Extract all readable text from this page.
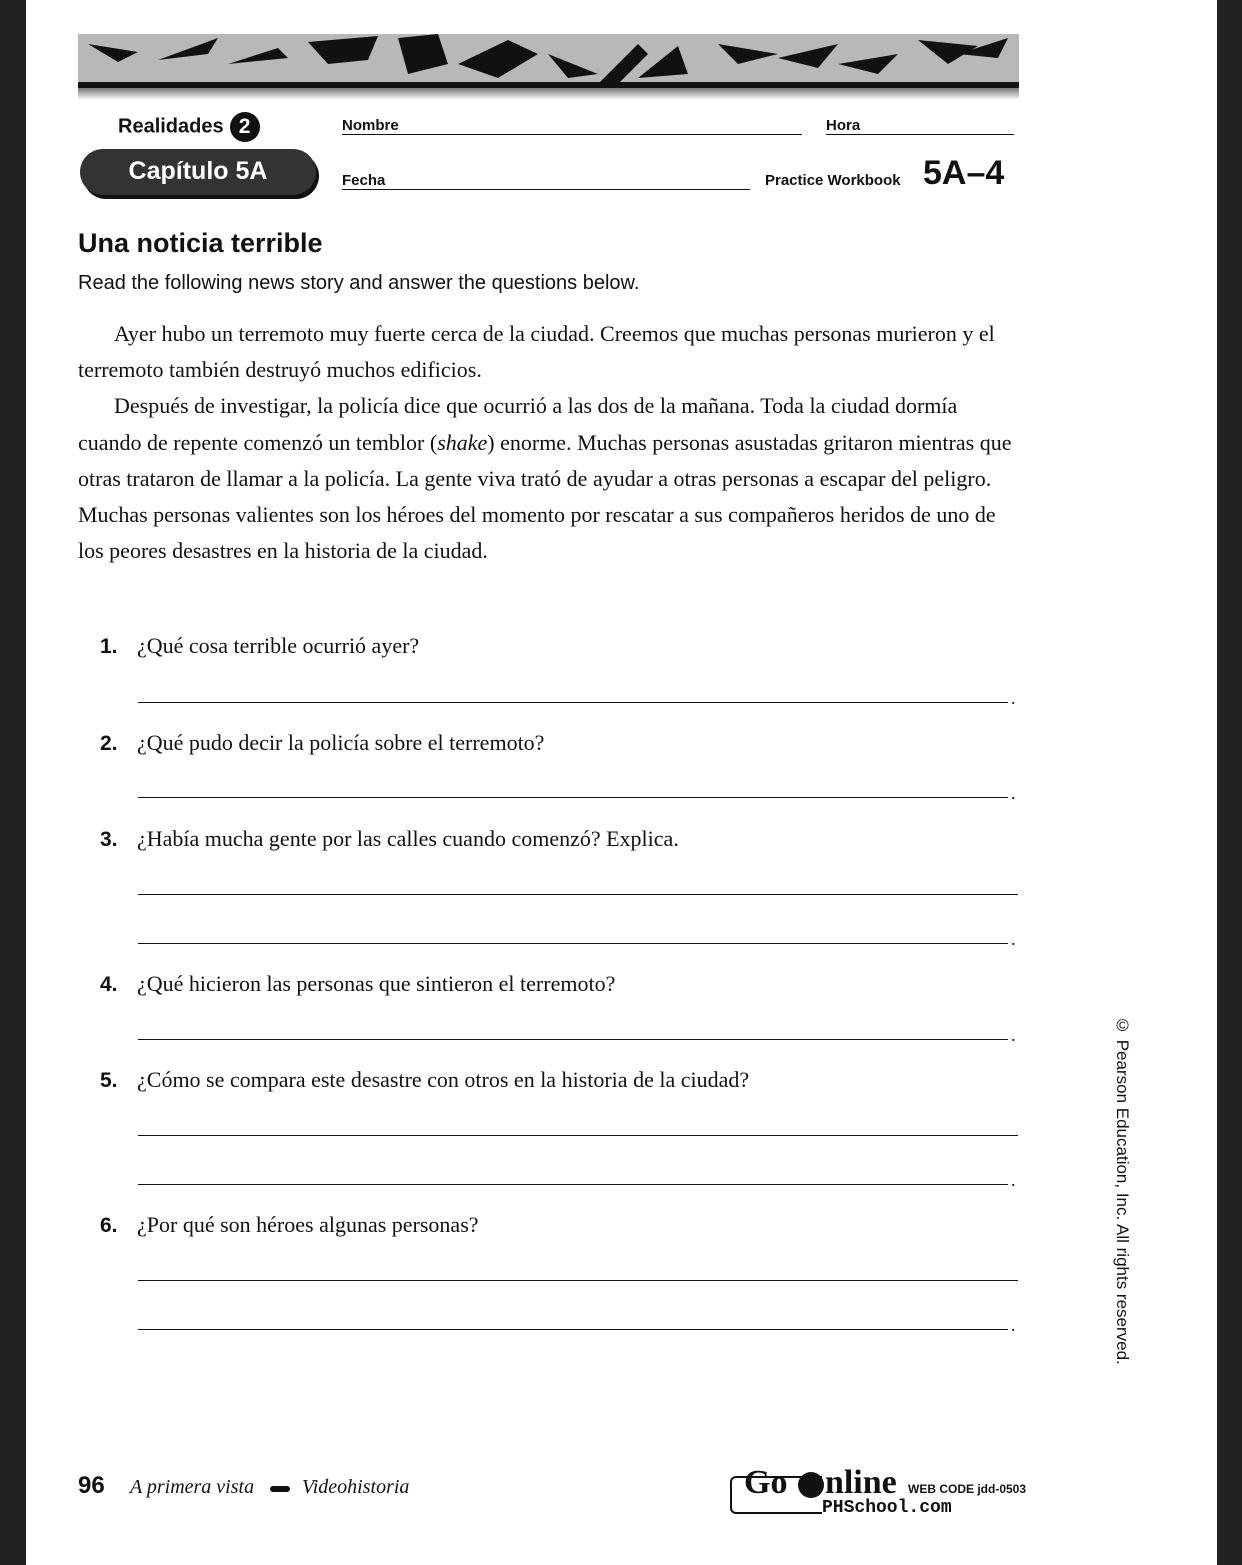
Realidades 2
Capítulo 5A
Nombre	Hora
Fecha	Practice Workbook 5A–4
Una noticia terrible
Read the following news story and answer the questions below.

Ayer hubo un terremoto muy fuerte cerca de la ciudad. Creemos que muchas personas murieron y el terremoto también destruyó muchos edificios.

Después de investigar, la policía dice que ocurrió a las dos de la mañana. Toda la ciudad dormía cuando de repente comenzó un temblor (shake) enorme. Muchas personas asustadas gritaron mientras que otras trataron de llamar a la policía. La gente viva trató de ayudar a otras personas a escapar del peligro. Muchas personas valientes son los héroes del momento por rescatar a sus compañeros heridos de uno de los peores desastres en la historia de la ciudad.

1. ¿Qué cosa terrible ocurrió ayer?
.
2. ¿Qué pudo decir la policía sobre el terremoto?
.
3. ¿Había mucha gente por las calles cuando comenzó? Explica.
.
4. ¿Qué hicieron las personas que sintieron el terremoto?
.
5. ¿Cómo se compara este desastre con otros en la historia de la ciudad?
.
6. ¿Por qué son héroes algunas personas?
.	© Pearson Education, Inc. All rights reserved.
96 A primera vista Videohistoria	Go nline WEB CODE jdd-0503
PHSchool.com
